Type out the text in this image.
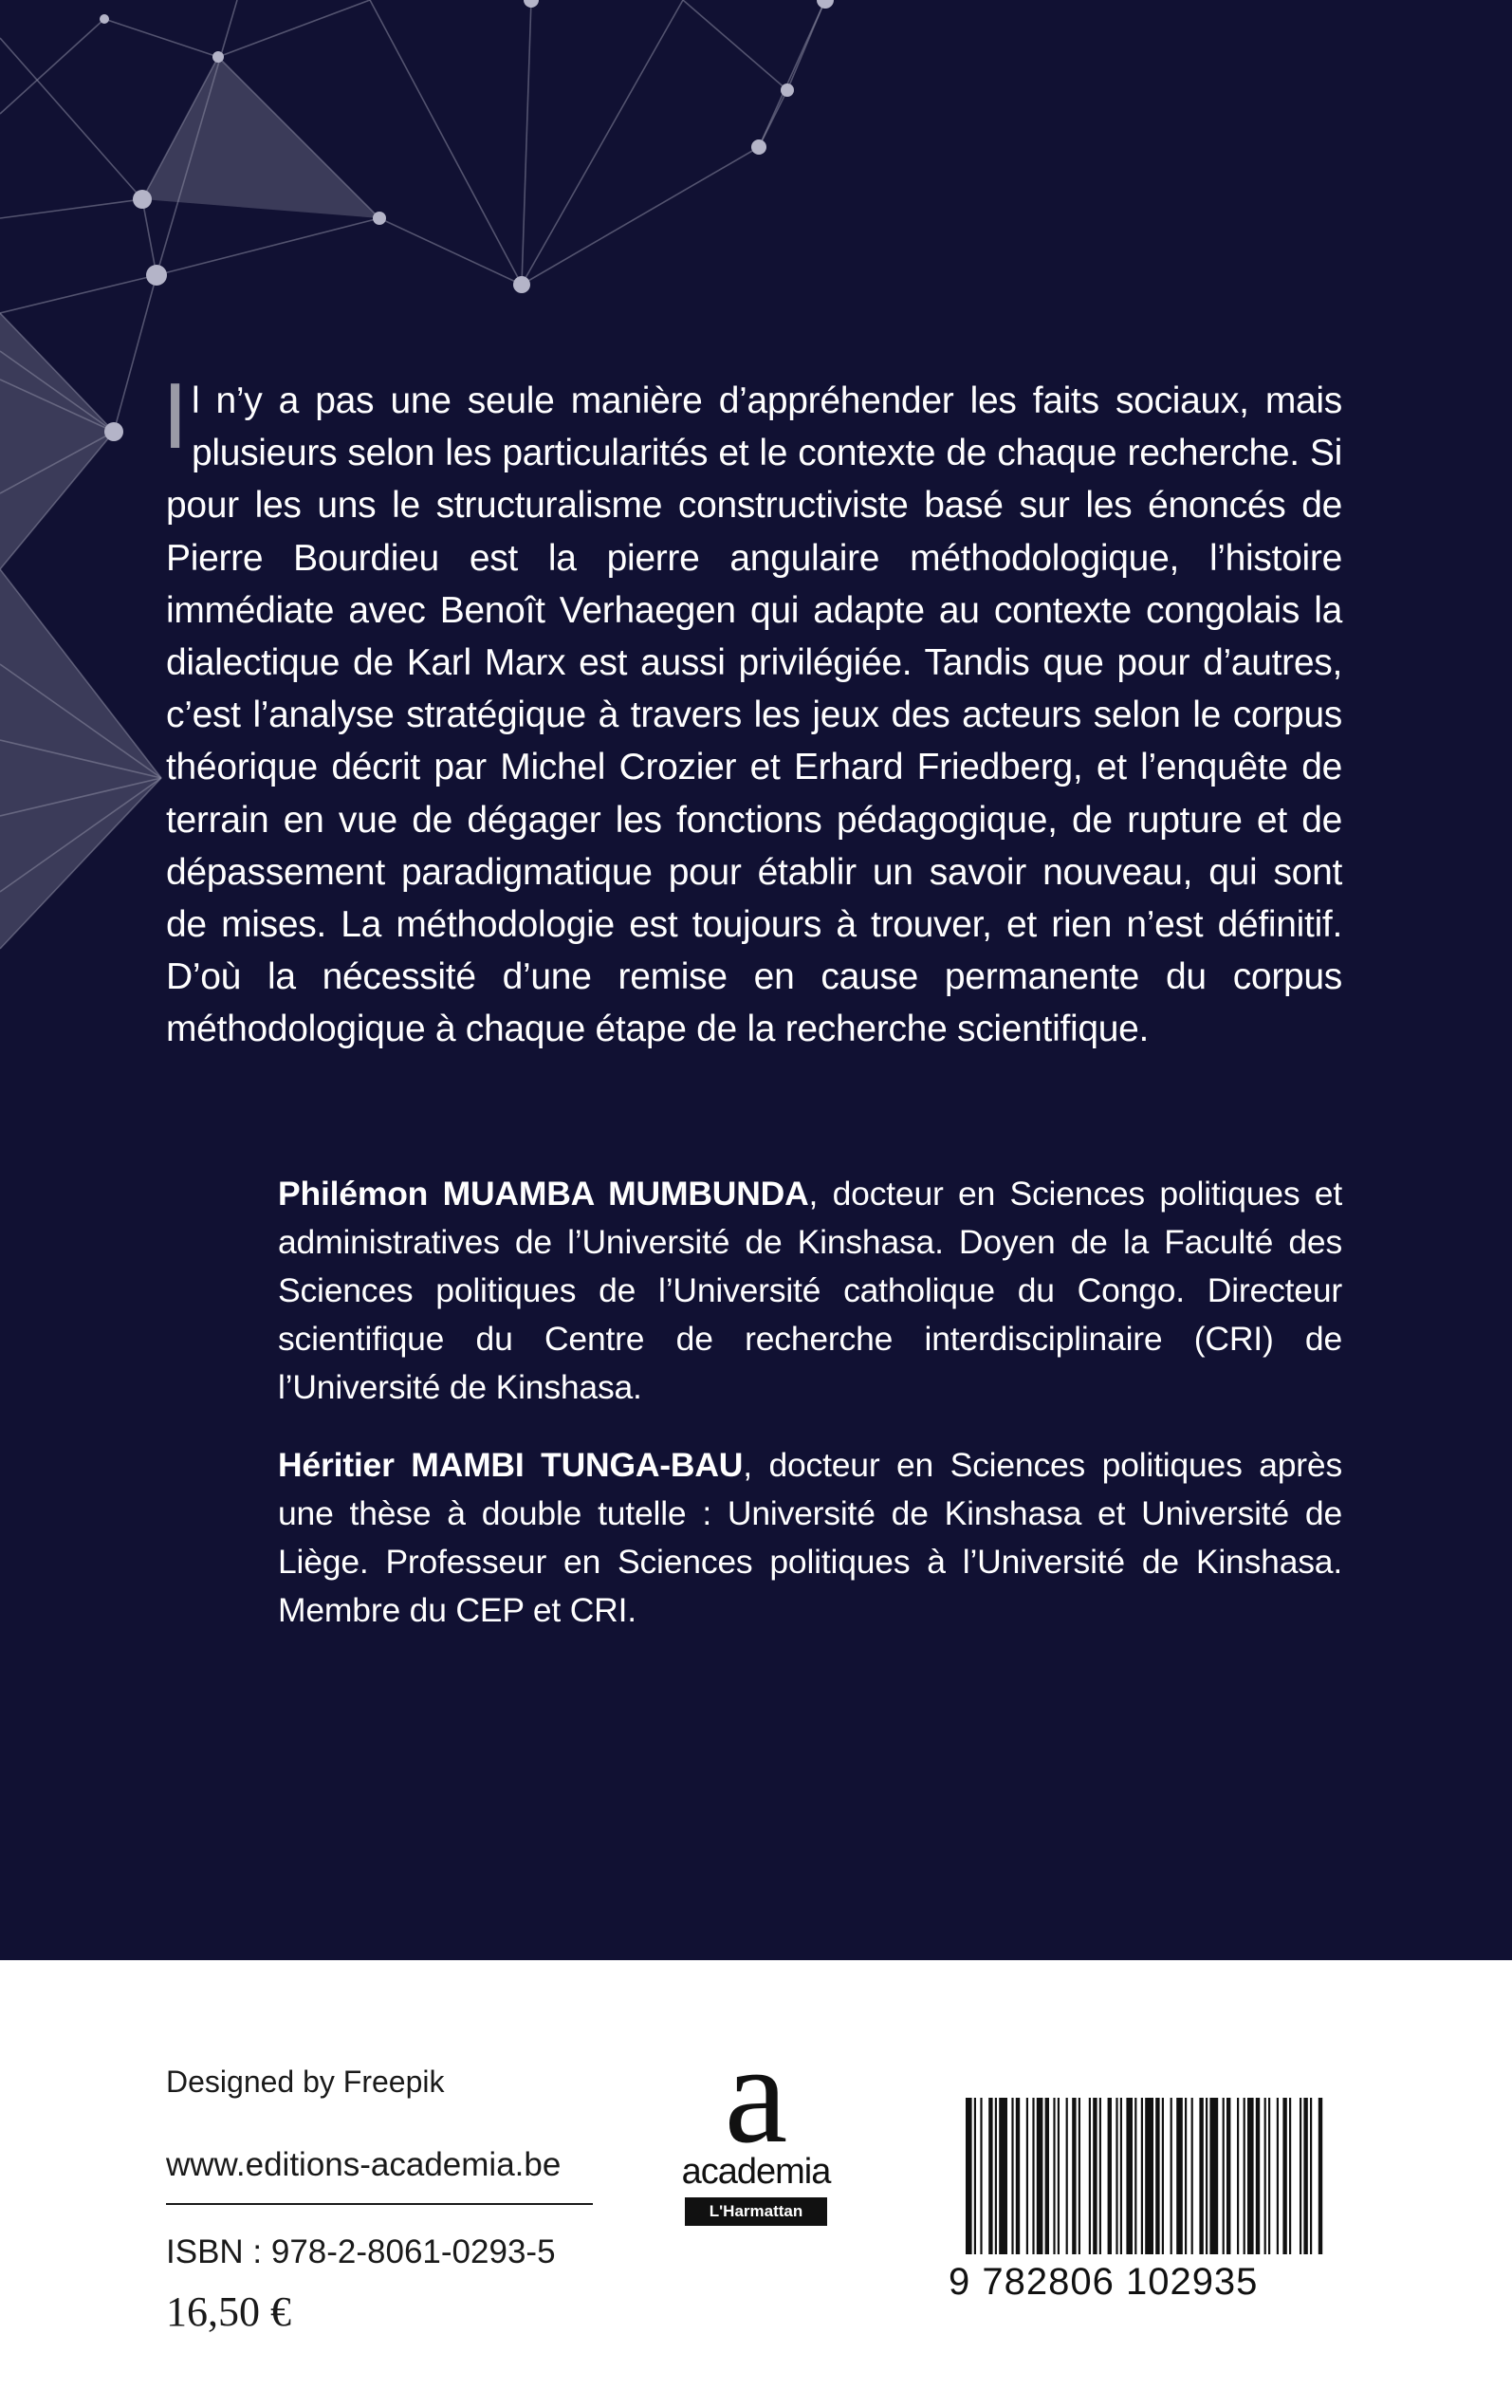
Il n’y a pas une seule manière d’appréhender les faits sociaux, mais plusieurs selon les particularités et le contexte de chaque recherche. Si pour les uns le structuralisme constructiviste basé sur les énoncés de Pierre Bourdieu est la pierre angulaire méthodologique, l’histoire immédiate avec Benoît Verhaegen qui adapte au contexte congolais la dialectique de Karl Marx est aussi privilégiée. Tandis que pour d’autres, c’est l’analyse stratégique à travers les jeux des acteurs selon le corpus théorique décrit par Michel Crozier et Erhard Friedberg, et l’enquête de terrain en vue de dégager les fonctions pédagogique, de rupture et de dépassement paradigmatique pour établir un savoir nouveau, qui sont de mises. La méthodologie est toujours à trouver, et rien n’est définitif. D’où la nécessité d’une remise en cause permanente du corpus méthodologique à chaque étape de la recherche scientifique.

Philémon MUAMBA MUMBUNDA, docteur en Sciences politiques et administratives de l’Université de Kinshasa. Doyen de la Faculté des Sciences politiques de l’Université catholique du Congo. Directeur scientifique du Centre de recherche interdisciplinaire (CRI) de l’Université de Kinshasa.

Héritier MAMBI TUNGA-BAU, docteur en Sciences politiques après une thèse à double tutelle : Université de Kinshasa et Université de Liège. Professeur en Sciences politiques à l’Université de Kinshasa. Membre du CEP et CRI.

Designed by Freepik

www.editions-academia.be

ISBN : 978-2-8061-0293-5

16,50 €

a
academia
L'Harmattan
9 782806 102935
